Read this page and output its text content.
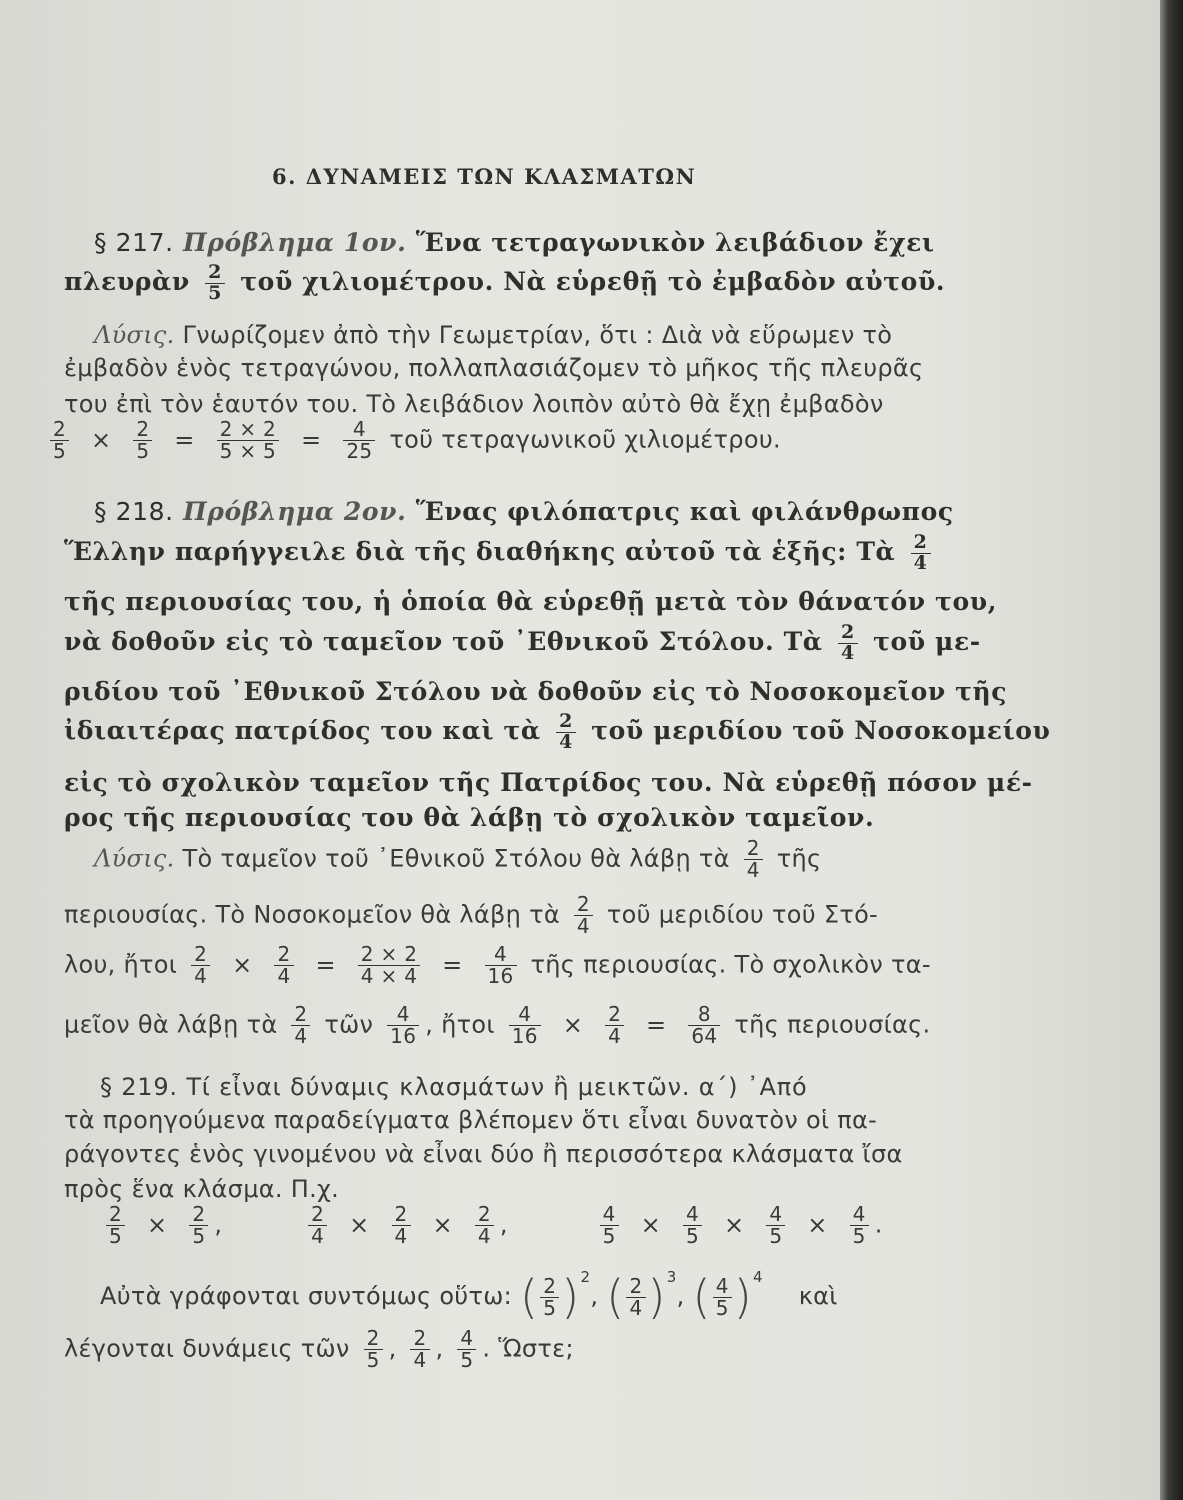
6. ΔΥΝΑΜΕΙΣ ΤΩΝ ΚΛΑΣΜΑΤΩΝ
§ 217. Πρόβλημα 1ον. Ἕνα τετραγωνικὸν λειβάδιον ἔχει
πλευρὰν $\frac{2}{5}$ τοῦ χιλιομέτρου. Νὰ εὑρεθῇ τὸ ἐμβαδὸν αὐτοῦ.
Λύσις. Γνωρίζομεν ἀπὸ τὴν Γεωμετρίαν, ὅτι : Διὰ νὰ εὕρωμεν τὸ
ἐμβαδὸν ἑνὸς τετραγώνου, πολλαπλασιάζομεν τὸ μῆκος τῆς πλευρᾶς
του ἐπὶ τὸν ἑαυτόν του. Τὸ λειβάδιον λοιπὸν αὐτὸ θὰ ἔχῃ ἐμβαδὸν
$\frac{2}{5} \times \frac{2}{5} = \frac{2 \times 2}{5 \times 5} = \frac{4}{25}$ τοῦ τετραγωνικοῦ χιλιομέτρου.
§ 218. Πρόβλημα 2ον. Ἕνας φιλόπατρις καὶ φιλάνθρωπος
Ἕλλην παρήγγειλε διὰ τῆς διαθήκης αὐτοῦ τὰ ἑξῆς: Τὰ $\frac{2}{4}$
τῆς περιουσίας του, ἡ ὁποία θὰ εὑρεθῇ μετὰ τὸν θάνατόν του,
νὰ δοθοῦν εἰς τὸ ταμεῖον τοῦ ᾿Εθνικοῦ Στόλου. Τὰ $\frac{2}{4}$ τοῦ με-
ριδίου τοῦ ᾿Εθνικοῦ Στόλου νὰ δοθοῦν εἰς τὸ Νοσοκομεῖον τῆς
ἰδιαιτέρας πατρίδος του καὶ τὰ $\frac{2}{4}$ τοῦ μεριδίου τοῦ Νοσοκομείου
εἰς τὸ σχολικὸν ταμεῖον τῆς Πατρίδος του. Νὰ εὑρεθῇ πόσον μέ-
ρος τῆς περιουσίας του θὰ λάβῃ τὸ σχολικὸν ταμεῖον.
Λύσις. Τὸ ταμεῖον τοῦ ᾿Εθνικοῦ Στόλου θὰ λάβῃ τὰ $\frac{2}{4}$ τῆς
περιουσίας. Τὸ Νοσοκομεῖον θὰ λάβῃ τὰ $\frac{2}{4}$ τοῦ μεριδίου τοῦ Στό-
λου, ἤτοι $\frac{2}{4} \times \frac{2}{4} = \frac{2 \times 2}{4 \times 4} = \frac{4}{16}$ τῆς περιουσίας. Τὸ σχολικὸν τα-
μεῖον θὰ λάβῃ τὰ $\frac{2}{4}$ τῶν $\frac{4}{16}$ , ἤτοι $\frac{4}{16} \times \frac{2}{4} = \frac{8}{64}$ τῆς περιουσίας.
§ 219. Τί εἶναι δύναμις κλασμάτων ἢ μεικτῶν. α΄) ᾿Από
τὰ προηγούμενα παραδείγματα βλέπομεν ὅτι εἶναι δυνατὸν οἱ πα-
ράγοντες ἑνὸς γινομένου νὰ εἶναι δύο ἢ περισσότερα κλάσματα ἴσα
πρὸς ἕνα κλάσμα. Π.χ.
$\frac{2}{5} \times \frac{2}{5}$ ,	$\frac{2}{4} \times \frac{2}{4} \times \frac{2}{4}$ ,	$\frac{4}{5} \times \frac{4}{5} \times \frac{4}{5} \times \frac{4}{5}$ .
Αὐτὰ γράφονται συντόμως οὕτω: ( $\frac{2}{5} )^2$, ( $\frac{2}{4} )^3$, ( $\frac{4}{5} )^4$  καὶ
λέγονται δυνάμεις τῶν $\frac{2}{5}$ , $\frac{2}{4}$ , $\frac{4}{5}$ . Ὥστε;
